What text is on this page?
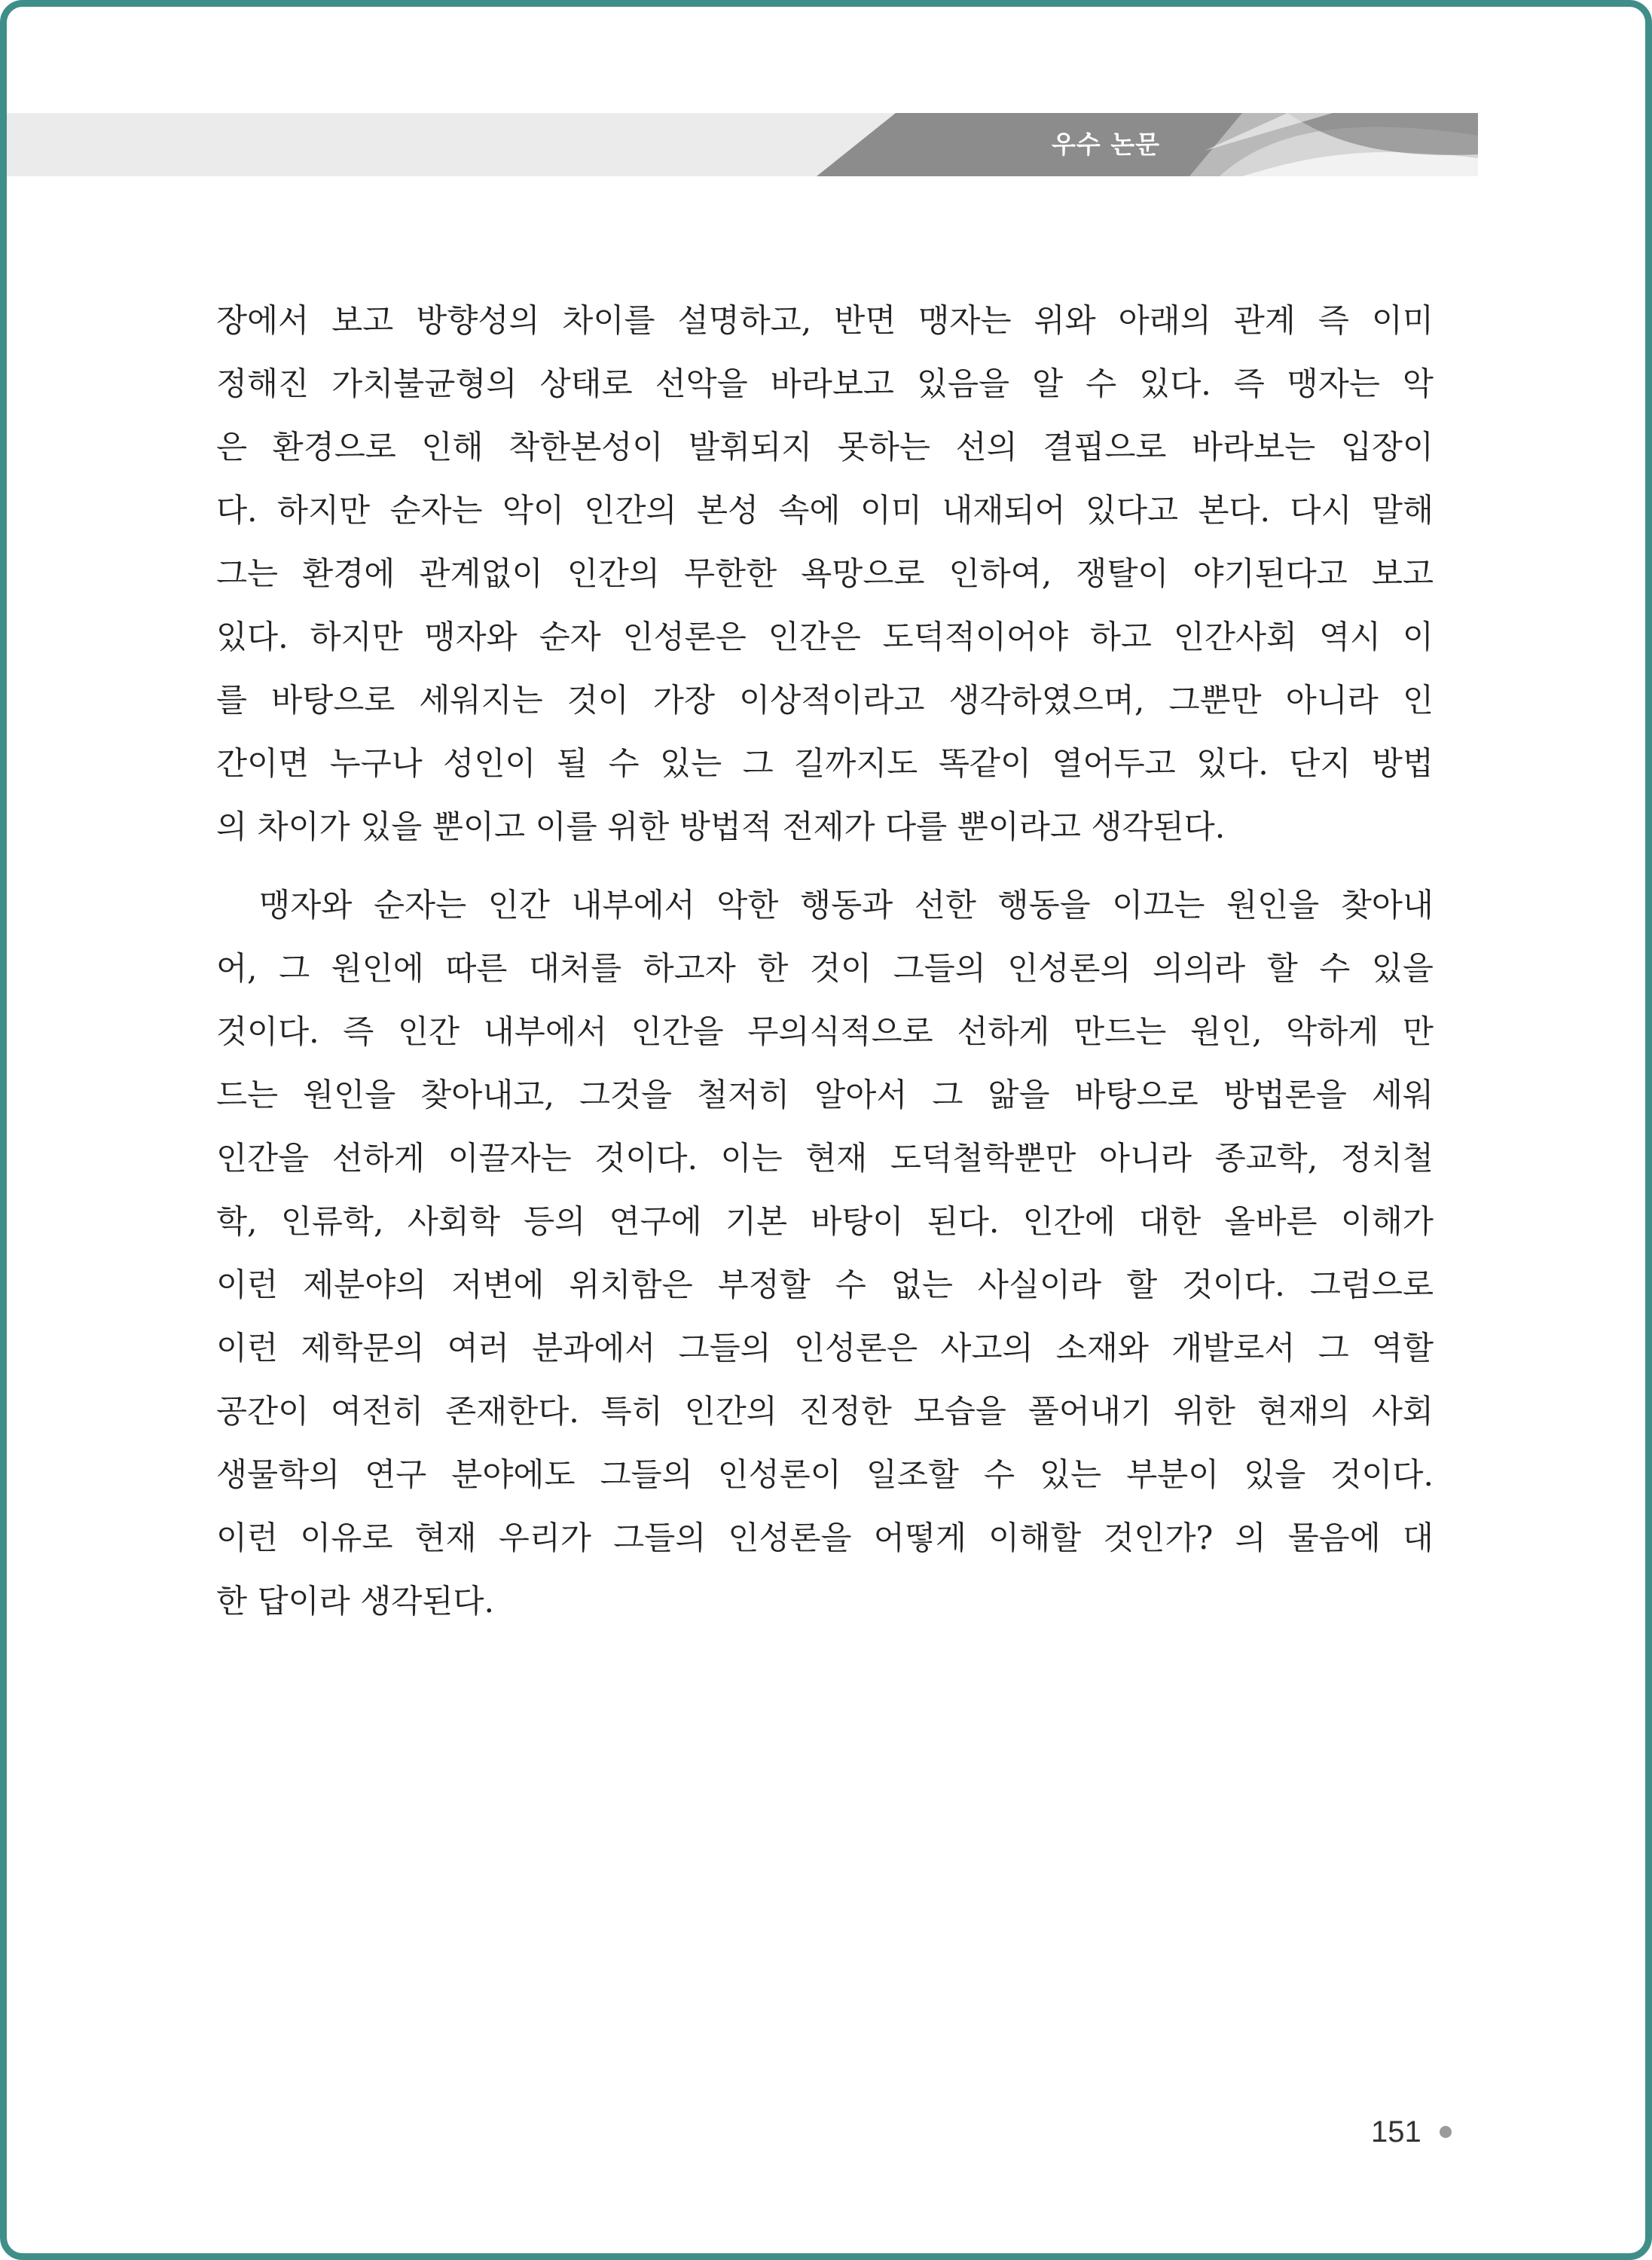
우수 논문
장에서 보고 방향성의 차이를 설명하고, 반면 맹자는 위와 아래의 관계 즉 이미
정해진 가치불균형의 상태로 선악을 바라보고 있음을 알 수 있다. 즉 맹자는 악
은 환경으로 인해 착한본성이 발휘되지 못하는 선의 결핍으로 바라보는 입장이
다. 하지만 순자는 악이 인간의 본성 속에 이미 내재되어 있다고 본다. 다시 말해
그는 환경에 관계없이 인간의 무한한 욕망으로 인하여, 쟁탈이 야기된다고 보고
있다. 하지만 맹자와 순자 인성론은 인간은 도덕적이어야 하고 인간사회 역시 이
를 바탕으로 세워지는 것이 가장 이상적이라고 생각하였으며, 그뿐만 아니라 인
간이면 누구나 성인이 될 수 있는 그 길까지도 똑같이 열어두고 있다. 단지 방법
의 차이가 있을 뿐이고 이를 위한 방법적 전제가 다를 뿐이라고 생각된다.
맹자와 순자는 인간 내부에서 악한 행동과 선한 행동을 이끄는 원인을 찾아내
어, 그 원인에 따른 대처를 하고자 한 것이 그들의 인성론의 의의라 할 수 있을
것이다. 즉 인간 내부에서 인간을 무의식적으로 선하게 만드는 원인, 악하게 만
드는 원인을 찾아내고, 그것을 철저히 알아서 그 앎을 바탕으로 방법론을 세워
인간을 선하게 이끌자는 것이다. 이는 현재 도덕철학뿐만 아니라 종교학, 정치철
학, 인류학, 사회학 등의 연구에 기본 바탕이 된다. 인간에 대한 올바른 이해가
이런 제분야의 저변에 위치함은 부정할 수 없는 사실이라 할 것이다. 그럼으로
이런 제학문의 여러 분과에서 그들의 인성론은 사고의 소재와 개발로서 그 역할
공간이 여전히 존재한다. 특히 인간의 진정한 모습을 풀어내기 위한 현재의 사회
생물학의 연구 분야에도 그들의 인성론이 일조할 수 있는 부분이 있을 것이다.
이런 이유로 현재 우리가 그들의 인성론을 어떻게 이해할 것인가? 의 물음에 대
한 답이라 생각된다.
151
